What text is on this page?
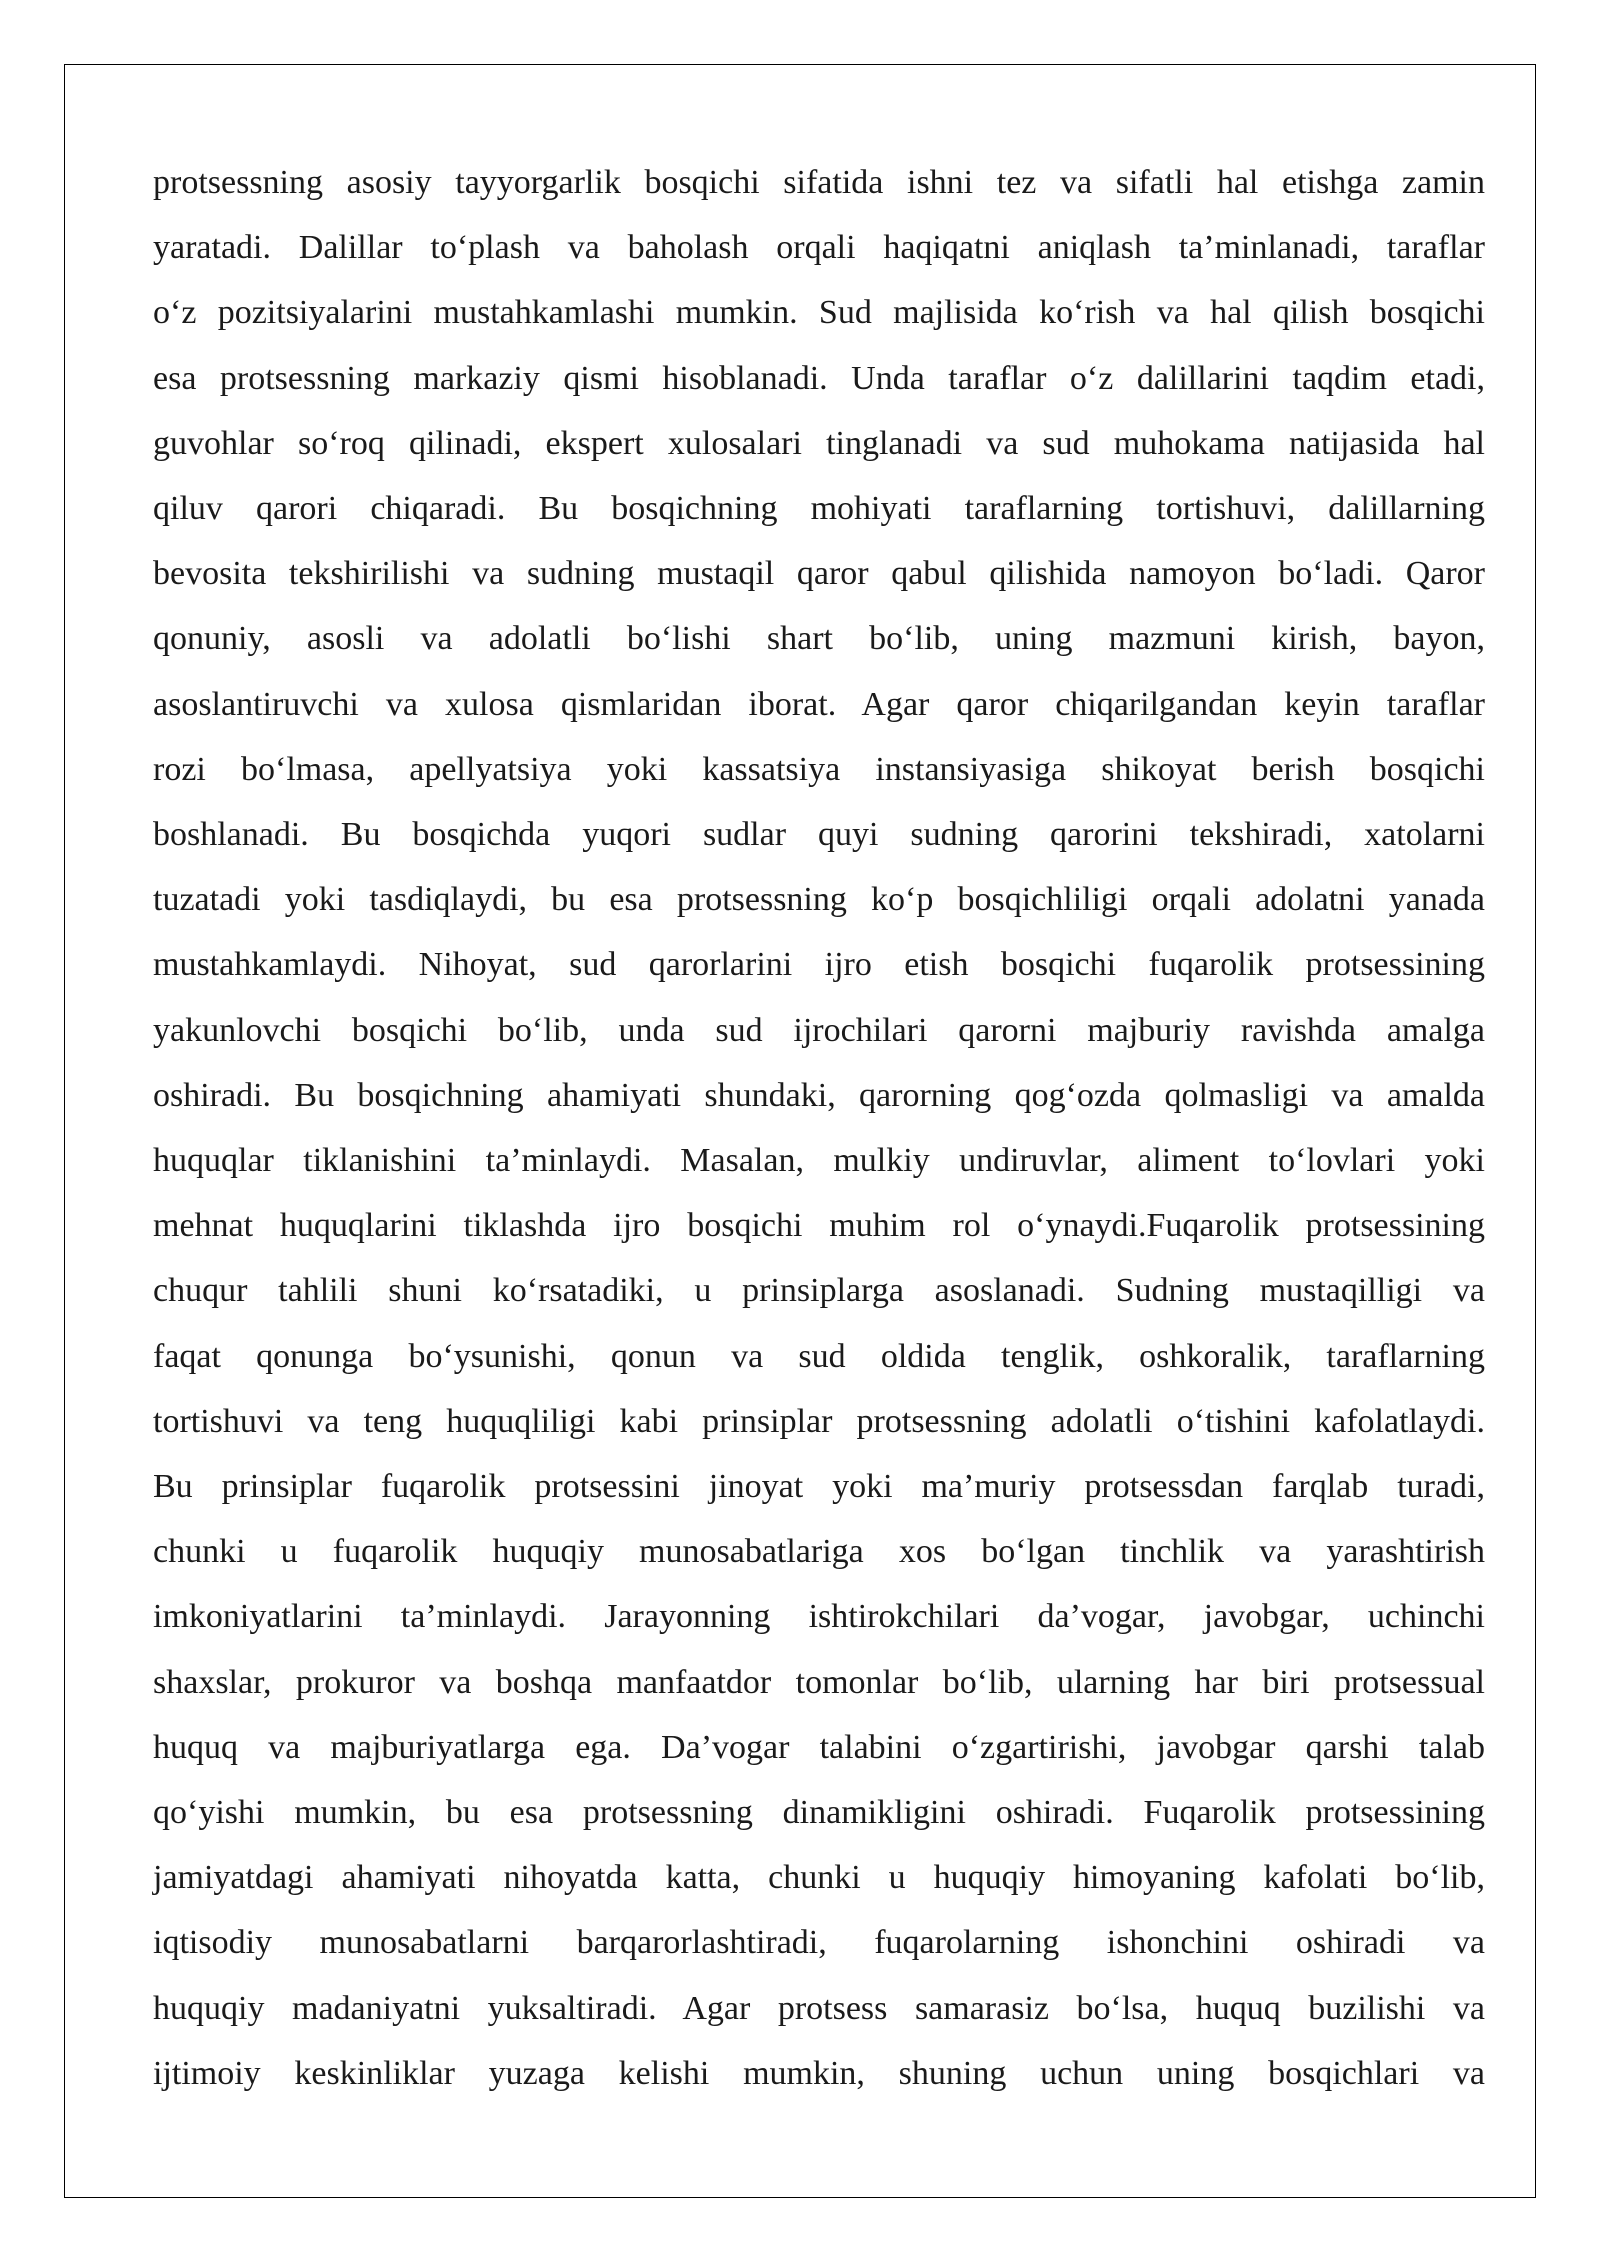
protsessning asosiy tayyorgarlik bosqichi sifatida ishni tez va sifatli hal etishga zamin
yaratadi. Dalillar to‘plash va baholash orqali haqiqatni aniqlash ta’minlanadi, taraflar
o‘z pozitsiyalarini mustahkamlashi mumkin. Sud majlisida ko‘rish va hal qilish bosqichi
esa protsessning markaziy qismi hisoblanadi. Unda taraflar o‘z dalillarini taqdim etadi,
guvohlar so‘roq qilinadi, ekspert xulosalari tinglanadi va sud muhokama natijasida hal
qiluv qarori chiqaradi. Bu bosqichning mohiyati taraflarning tortishuvi, dalillarning
bevosita tekshirilishi va sudning mustaqil qaror qabul qilishida namoyon bo‘ladi. Qaror
qonuniy, asosli va adolatli bo‘lishi shart bo‘lib, uning mazmuni kirish, bayon,
asoslantiruvchi va xulosa qismlaridan iborat. Agar qaror chiqarilgandan keyin taraflar
rozi bo‘lmasa, apellyatsiya yoki kassatsiya instansiyasiga shikoyat berish bosqichi
boshlanadi. Bu bosqichda yuqori sudlar quyi sudning qarorini tekshiradi, xatolarni
tuzatadi yoki tasdiqlaydi, bu esa protsessning ko‘p bosqichliligi orqali adolatni yanada
mustahkamlaydi. Nihoyat, sud qarorlarini ijro etish bosqichi fuqarolik protsessining
yakunlovchi bosqichi bo‘lib, unda sud ijrochilari qarorni majburiy ravishda amalga
oshiradi. Bu bosqichning ahamiyati shundaki, qarorning qog‘ozda qolmasligi va amalda
huquqlar tiklanishini ta’minlaydi. Masalan, mulkiy undiruvlar, aliment to‘lovlari yoki
mehnat huquqlarini tiklashda ijro bosqichi muhim rol o‘ynaydi.Fuqarolik protsessining
chuqur tahlili shuni ko‘rsatadiki, u prinsiplarga asoslanadi. Sudning mustaqilligi va
faqat qonunga bo‘ysunishi, qonun va sud oldida tenglik, oshkoralik, taraflarning
tortishuvi va teng huquqliligi kabi prinsiplar protsessning adolatli o‘tishini kafolatlaydi.
Bu prinsiplar fuqarolik protsessini jinoyat yoki ma’muriy protsessdan farqlab turadi,
chunki u fuqarolik huquqiy munosabatlariga xos bo‘lgan tinchlik va yarashtirish
imkoniyatlarini ta’minlaydi. Jarayonning ishtirokchilari da’vogar, javobgar, uchinchi
shaxslar, prokuror va boshqa manfaatdor tomonlar bo‘lib, ularning har biri protsessual
huquq va majburiyatlarga ega. Da’vogar talabini o‘zgartirishi, javobgar qarshi talab
qo‘yishi mumkin, bu esa protsessning dinamikligini oshiradi. Fuqarolik protsessining
jamiyatdagi ahamiyati nihoyatda katta, chunki u huquqiy himoyaning kafolati bo‘lib,
iqtisodiy munosabatlarni barqarorlashtiradi, fuqarolarning ishonchini oshiradi va
huquqiy madaniyatni yuksaltiradi. Agar protsess samarasiz bo‘lsa, huquq buzilishi va
ijtimoiy keskinliklar yuzaga kelishi mumkin, shuning uchun uning bosqichlari va
